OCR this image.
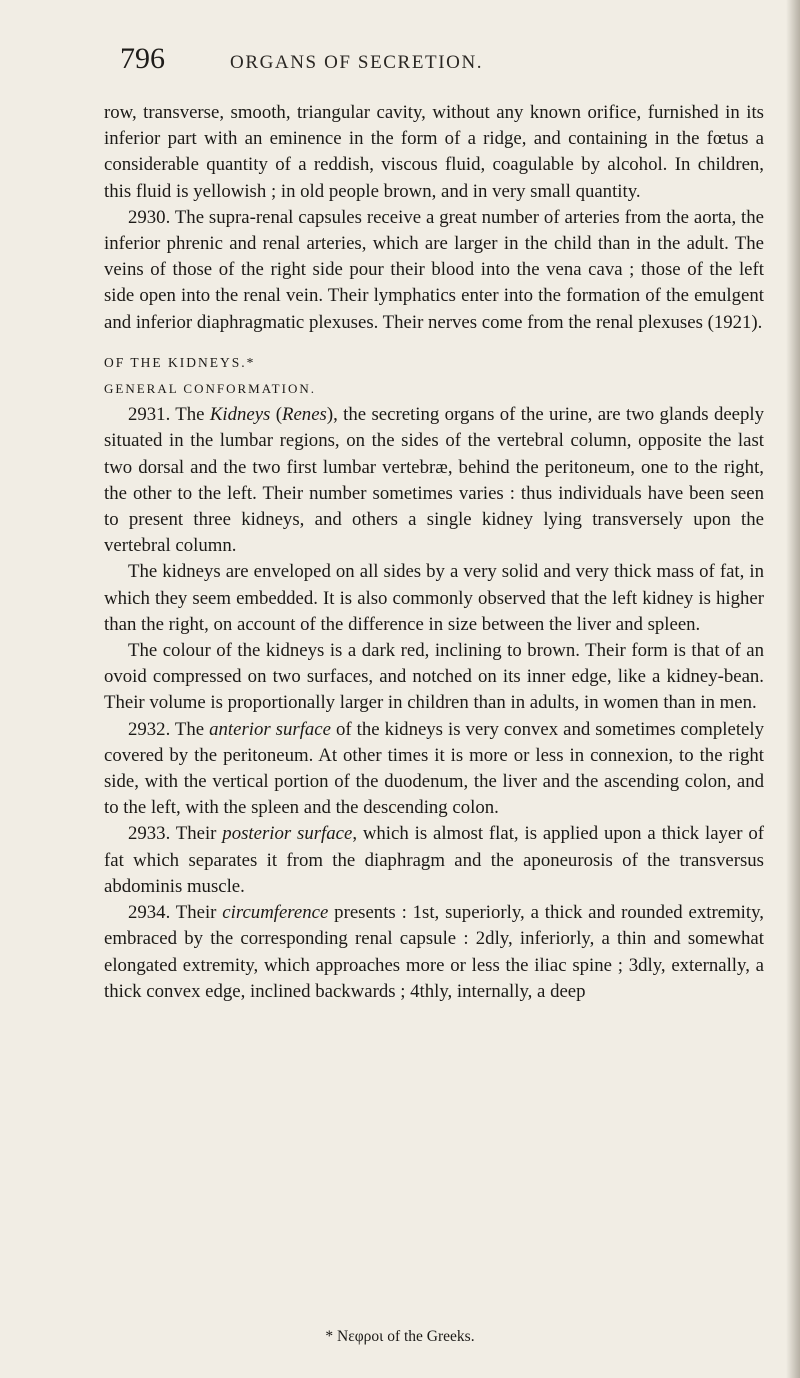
796	ORGANS OF SECRETION.

row, transverse, smooth, triangular cavity, without any known orifice, furnished in its inferior part with an eminence in the form of a ridge, and containing in the fœtus a considerable quantity of a reddish, viscous fluid, coagulable by alcohol. In children, this fluid is yellowish ; in old people brown, and in very small quantity.

2930. The supra-renal capsules receive a great number of arteries from the aorta, the inferior phrenic and renal arteries, which are larger in the child than in the adult. The veins of those of the right side pour their blood into the vena cava ; those of the left side open into the renal vein. Their lymphatics enter into the formation of the emulgent and inferior diaphragmatic plexuses. Their nerves come from the renal plexuses (1921).

OF THE KIDNEYS.*

GENERAL CONFORMATION.

2931. The Kidneys (Renes), the secreting organs of the urine, are two glands deeply situated in the lumbar regions, on the sides of the vertebral column, opposite the last two dorsal and the two first lumbar vertebræ, behind the peritoneum, one to the right, the other to the left. Their number sometimes varies : thus individuals have been seen to present three kidneys, and others a single kidney lying transversely upon the vertebral column.

The kidneys are enveloped on all sides by a very solid and very thick mass of fat, in which they seem embedded. It is also commonly observed that the left kidney is higher than the right, on account of the difference in size between the liver and spleen.

The colour of the kidneys is a dark red, inclining to brown. Their form is that of an ovoid compressed on two surfaces, and notched on its inner edge, like a kidney-bean. Their volume is proportionally larger in children than in adults, in women than in men.

2932. The anterior surface of the kidneys is very convex and sometimes completely covered by the peritoneum. At other times it is more or less in connexion, to the right side, with the vertical portion of the duodenum, the liver and the ascending colon, and to the left, with the spleen and the descending colon.

2933. Their posterior surface, which is almost flat, is applied upon a thick layer of fat which separates it from the diaphragm and the aponeurosis of the transversus abdominis muscle.

2934. Their circumference presents : 1st, superiorly, a thick and rounded extremity, embraced by the corresponding renal capsule : 2dly, inferiorly, a thin and somewhat elongated extremity, which approaches more or less the iliac spine ; 3dly, externally, a thick convex edge, inclined backwards ; 4thly, internally, a deep

* Νεφροι of the Greeks.
